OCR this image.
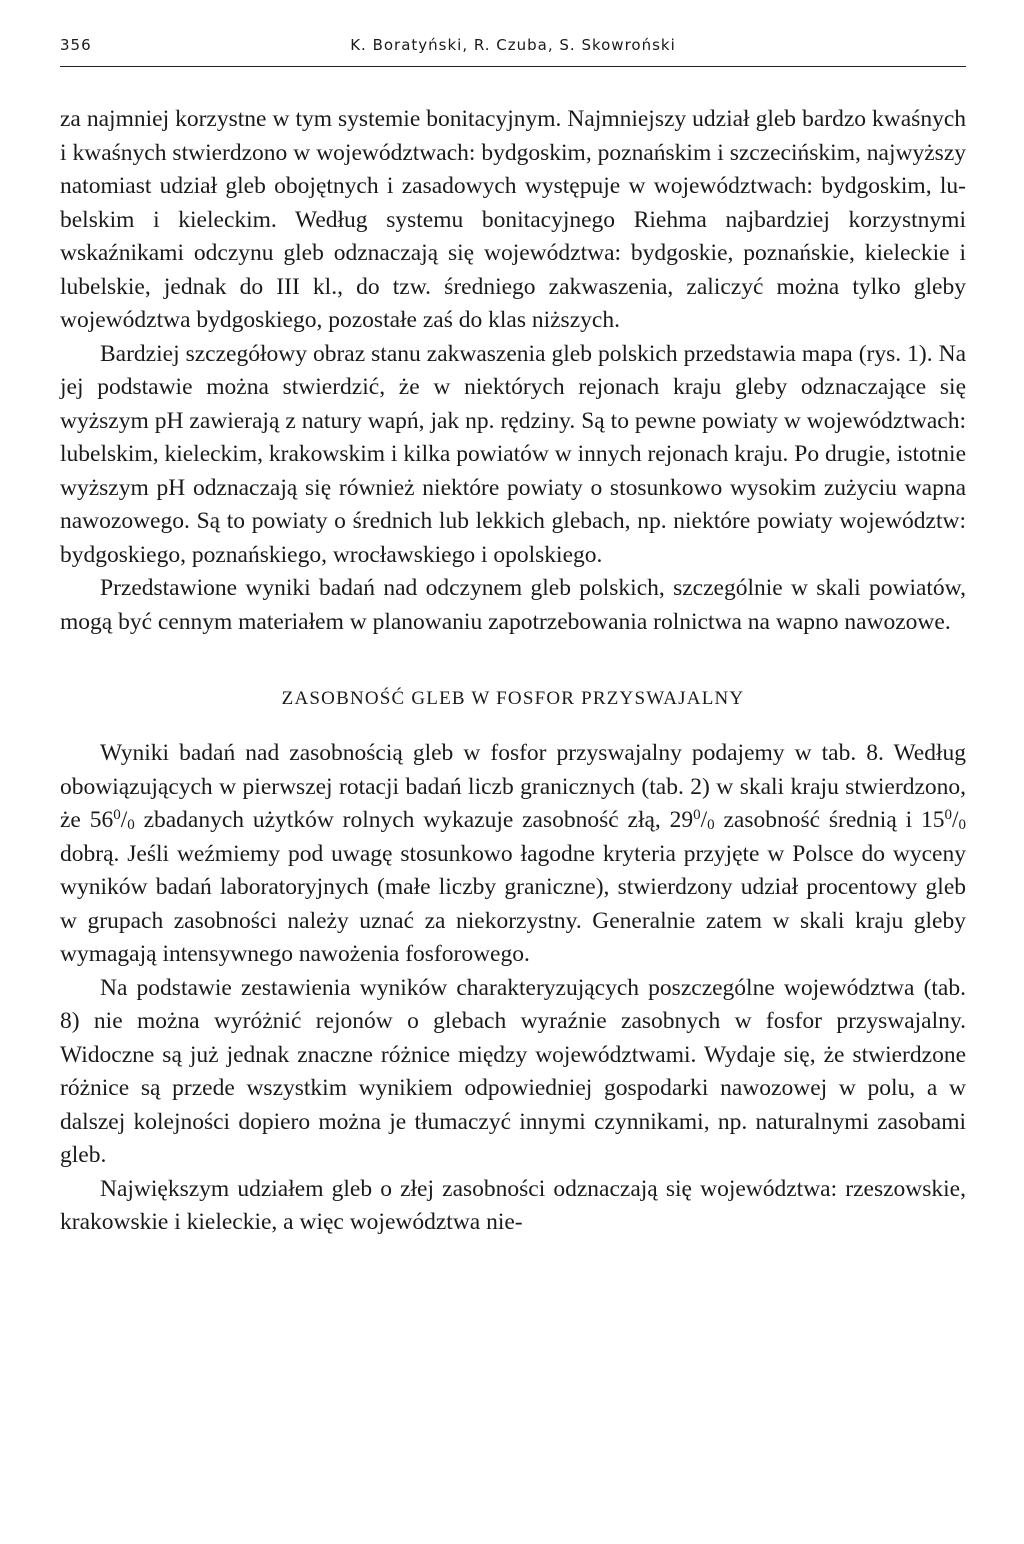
356	K. Boratyński, R. Czuba, S. Skowroński

za najmniej korzystne w tym systemie bonitacyjnym. Najmniejszy udział gleb bardzo kwaśnych i kwaśnych stwierdzono w województwach: bydgoskim, poznańskim i szczecińskim, najwyższy natomiast udział gleb obojętnych i zasadowych występuje w województwach: bydgoskim, lubelskim i kieleckim. Według systemu bonitacyjnego Riehma najbardziej korzystnymi wskaźnikami odczynu gleb odznaczają się województwa: bydgoskie, poznańskie, kieleckie i lubelskie, jednak do III kl., do tzw. średniego zakwaszenia, zaliczyć można tylko gleby województwa bydgoskiego, pozostałe zaś do klas niższych.

Bardziej szczegółowy obraz stanu zakwaszenia gleb polskich przedstawia mapa (rys. 1). Na jej podstawie można stwierdzić, że w niektórych rejonach kraju gleby odznaczające się wyższym pH zawierają z natury wapń, jak np. rędziny. Są to pewne powiaty w województwach: lubelskim, kieleckim, krakowskim i kilka powiatów w innych rejonach kraju. Po drugie, istotnie wyższym pH odznaczają się również niektóre powiaty o stosunkowo wysokim zużyciu wapna nawozowego. Są to powiaty o średnich lub lekkich glebach, np. niektóre powiaty województw: bydgoskiego, poznańskiego, wrocławskiego i opolskiego.

Przedstawione wyniki badań nad odczynem gleb polskich, szczególnie w skali powiatów, mogą być cennym materiałem w planowaniu zapotrzebowania rolnictwa na wapno nawozowe.

ZASOBNOŚĆ GLEB W FOSFOR PRZYSWAJALNY

Wyniki badań nad zasobnością gleb w fosfor przyswajalny podajemy w tab. 8. Według obowiązujących w pierwszej rotacji badań liczb granicznych (tab. 2) w skali kraju stwierdzono, że $56^0/_0$ zbadanych użytków rolnych wykazuje zasobność złą, $29^0/_0$ zasobność średnią i $15^0/_0$ dobrą. Jeśli weźmiemy pod uwagę stosunkowo łagodne kryteria przyjęte w Polsce do wyceny wyników badań laboratoryjnych (małe liczby graniczne), stwierdzony udział procentowy gleb w grupach zasobności należy uznać za niekorzystny. Generalnie zatem w skali kraju gleby wymagają intensywnego nawożenia fosforowego.

Na podstawie zestawienia wyników charakteryzujących poszczególne województwa (tab. 8) nie można wyróżnić rejonów o glebach wyraźnie zasobnych w fosfor przyswajalny. Widoczne są już jednak znaczne różnice między województwami. Wydaje się, że stwierdzone różnice są przede wszystkim wynikiem odpowiedniej gospodarki nawozowej w polu, a w dalszej kolejności dopiero można je tłumaczyć innymi czynnikami, np. naturalnymi zasobami gleb.

Największym udziałem gleb o złej zasobności odznaczają się województwa: rzeszowskie, krakowskie i kieleckie, a więc województwa nie-
